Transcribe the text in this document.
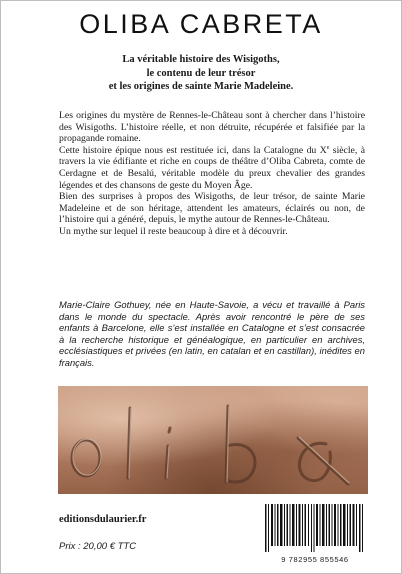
OLIBA CABRETA
La véritable histoire des Wisigoths,
le contenu de leur trésor
et les origines de sainte Marie Madeleine.

Les origines du mystère de Rennes-le-Château sont à chercher dans l’histoire des Wisigoths. L’histoire réelle, et non détruite, récupérée et falsifiée par la propagande romaine.

Cette histoire épique nous est restituée ici, dans la Catalogne du Xe siècle, à travers la vie édifiante et riche en coups de théâtre d’Oliba Cabreta, comte de Cerdagne et de Besalú, véritable modèle du preux chevalier des grandes légendes et des chansons de geste du Moyen Âge.

Bien des surprises à propos des Wisigoths, de leur trésor, de sainte Marie Madeleine et de son héritage, attendent les amateurs, éclairés ou non, de l’histoire qui a généré, depuis, le mythe autour de Rennes-le-Château.

Un mythe sur lequel il reste beaucoup à dire et à découvrir.

Marie-Claire Gothuey, née en Haute-Savoie, a vécu et travaillé à Paris dans le monde du spectacle. Après avoir rencontré le père de ses enfants à Barcelone, elle s’est installée en Catalogne et s’est consacrée à la recherche historique et généalogique, en particulier en archives, ecclésiastiques et privées (en latin, en catalan et en castillan), inédites en français.
editionsdulaurier.fr
Prix : 20,00 € TTC
9 782955 855546
